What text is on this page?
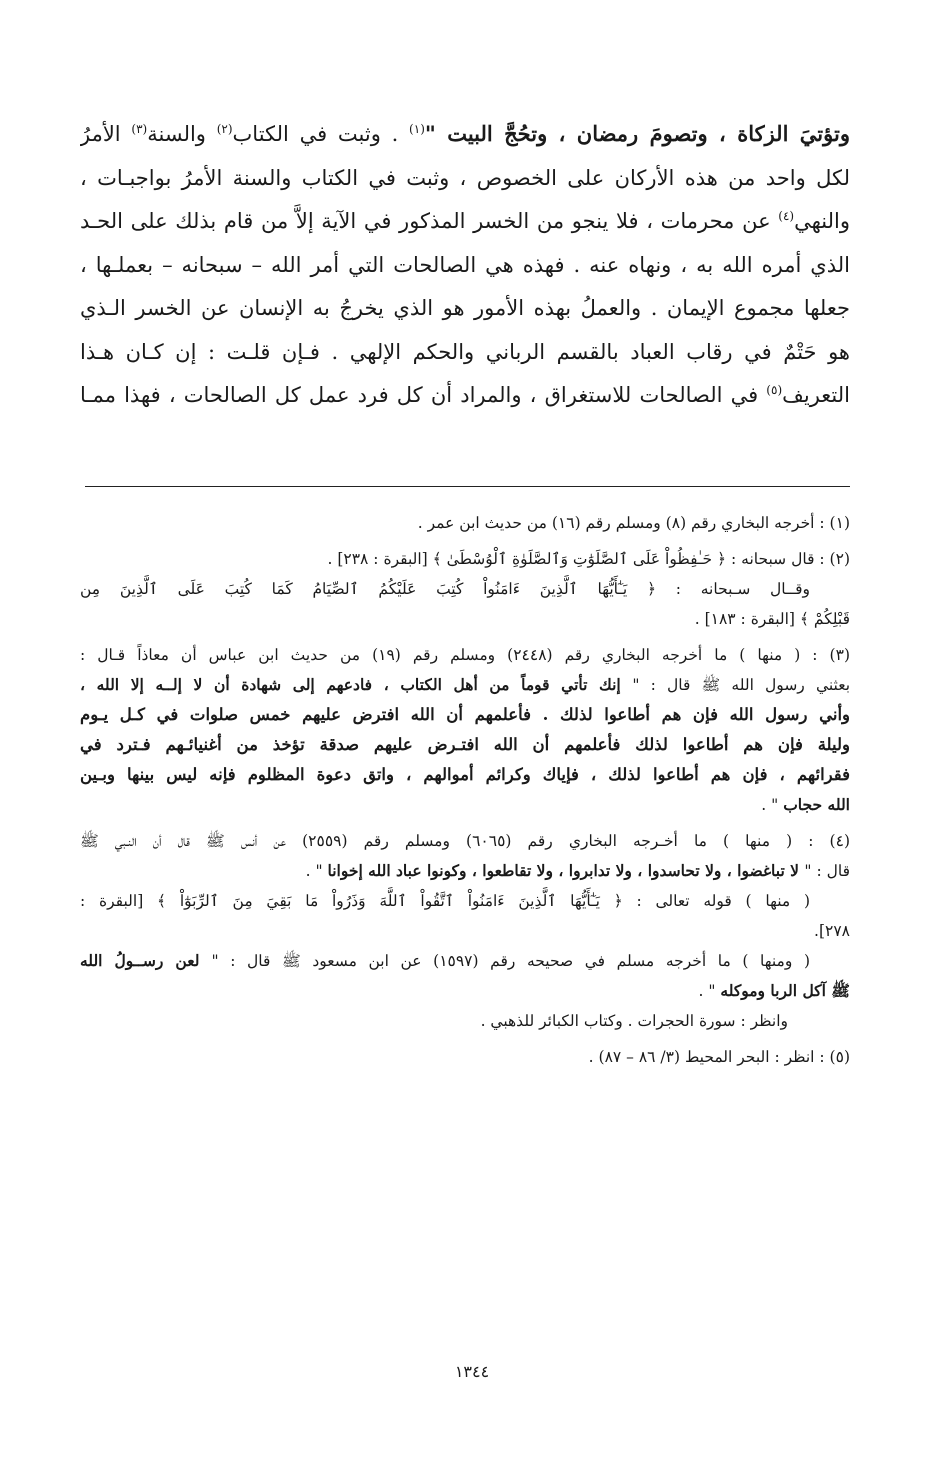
وتؤتيَ الزكاة ، وتصومَ رمضان ، وتحُجَّ البيت "$^{(١)}$ . وثبت في الكتاب$^{(٢)}$ والسنة$^{(٣)}$ الأمرُ
لكل واحد من هذه الأركان على الخصوص ، وثبت في الكتاب والسنة الأمرُ بواجبـات ،
والنهي$^{(٤)}$ عن محرمات ، فلا ينجو من الخسر المذكور في الآية إلاَّ من قام بذلك على الحـد
الذي أمره الله به ، ونهاه عنه . فهذه هي الصالحات التي أمر الله – سبحانه – بعملـها ،
جعلها مجموع الإيمان . والعملُ بهذه الأمور هو الذي يخرجُ به الإنسان عن الخسر الـذي
هو حَتْمٌ في رقاب العباد بالقسم الرباني والحكم الإلهي . فـإن قلـت : إن كـان هـذا
التعريف$^{(٥)}$ في الصالحات للاستغراق ، والمراد أن كل فرد عمل كل الصالحات ، فهذا ممـا
(١) : أخرجه البخاري رقم (٨) ومسلم رقم (١٦) من حديث ابن عمر .
(٢) : قال سبحانه : ﴿ حَـٰفِظُواْ عَلَى ٱلصَّلَوَٰتِ وَٱلصَّلَوٰةِ ٱلْوُسْطَىٰ ﴾ [البقرة : ٢٣٨] .
وقــال سـبحانه : ﴿ يَـٰٓأَيُّهَا ٱلَّذِينَ ءَامَنُواْ كُتِبَ عَلَيْكُمُ ٱلصِّيَامُ كَمَا كُتِبَ عَلَى ٱلَّذِينَ مِن
قَبْلِكُمْ ﴾ [البقرة : ١٨٣] .
(٣) : ( منها ) ما أخرجه البخاري رقم (٢٤٤٨) ومسلم رقم (١٩) من حديث ابن عباس أن معاذاً قـال :
بعثني رسول الله ﷺ قال : " إنك تأتي قوماً من أهل الكتاب ، فادعهم إلى شهادة أن لا إلــه إلا الله ،
وأني رسول الله فإن هم أطاعوا لذلك . فأعلمهم أن الله افترض عليهم خمس صلوات في كـل يـوم
وليلة فإن هم أطاعوا لذلك فأعلمهم أن الله افتـرض عليهم صدقة تؤخذ من أغنيائـهم فـترد في
فقرائهم ، فإن هم أطاعوا لذلك ، فإياك وكرائم أموالهم ، واتق دعوة المظلوم فإنه ليس بينها وبـين
الله حجاب " .
(٤) : ( منها ) ما أخـرجه البخاري رقم (٦٠٦٥) ومسلم رقم (٢٥٥٩) عن أنس ﷺ قال أن النـبي ﷺ
قال : " لا تباغضوا ، ولا تحاسدوا ، ولا تدابروا ، ولا تقاطعوا ، وكونوا عباد الله إخوانا " .
( منها ) قوله تعالى : ﴿ يَـٰٓأَيُّهَا ٱلَّذِينَ ءَامَنُواْ ٱتَّقُواْ ٱللَّهَ وَذَرُواْ مَا بَقِيَ مِنَ ٱلرِّبَوٰٓاْ ﴾ [البقرة :
٢٧٨].
( ومنها ) ما أخرجه مسلم في صحيحه رقم (١٥٩٧) عن ابن مسعود ﷺ قال : " لعن رســولُ الله
ﷺ آكل الربا وموكله " .
وانظر : سورة الحجرات . وكتاب الكبائر للذهبي .
(٥) : انظر : البحر المحيط (٣/ ٨٦ – ٨٧) .
١٣٤٤
